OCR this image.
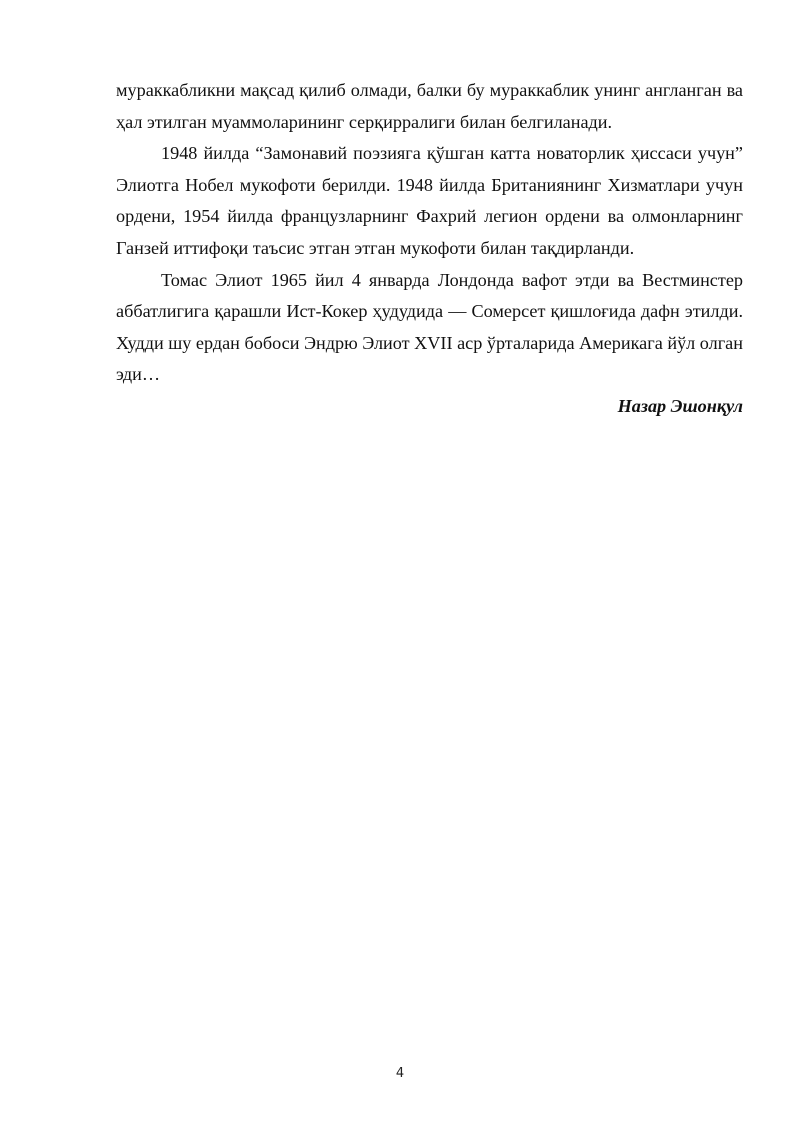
мураккабликни мақсад қилиб олмади, балки бу мураккаблик унинг англанган ва ҳал этилган муаммоларининг серқирралиги билан белгиланади.

1948 йилда “Замонавий поэзияга қўшган катта новаторлик ҳиссаси учун” Элиотга Нобел мукофоти берилди. 1948 йилда Британиянинг Хизматлари учун ордени, 1954 йилда французларнинг Фахрий легион ордени ва олмонларнинг Ганзей иттифоқи таъсис этган этган мукофоти билан тақдирланди.

Томас Элиот 1965 йил 4 январда Лондонда вафот этди ва Вестминстер аббатлигига қарашли Ист-Кокер ҳудудида — Сомерсет қишлоғида дафн этилди. Худди шу ердан бобоси Эндрю Элиот XVII аср ўрталарида Америкага йўл олган эди…

Назар Эшонқул

4
